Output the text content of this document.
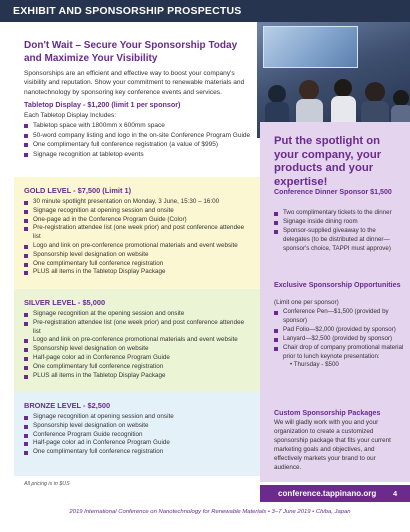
EXHIBIT AND SPONSORSHIP PROSPECTUS
Don't Wait – Secure Your Sponsorship Today and Maximize Your Visibility
Sponsorships are an efficient and effective way to boost your company's visibility and reputation. Show your commitment to renewable materials and nanotechnology by sponsoring key conference events and services.
Tabletop Display - $1,200 (limit 1 per sponsor)
Each Tabletop Display Includes:
Tabletop space with 1800mm x 600mm space
50-word company listing and logo in the on-site Conference Program Guide
One complimentary full conference registration (a value of $995)
Signage recognition at tabletop events
GOLD LEVEL - $7,500 (Limit 1)
30 minute spotlight presentation on Monday, 3 June, 15:30 – 16:00
Signage recognition at opening session and onsite
One-page ad in the Conference Program Guide (Color)
Pre-registration attendee list (one week prior) and post conference attendee list
Logo and link on pre-conference promotional materials and event website
Sponsorship level designation on website
One complimentary full conference registration
PLUS all items in the Tabletop Display Package
SILVER LEVEL - $5,000
Signage recognition at the opening session and onsite
Pre-registration attendee list (one week prior) and post conference attendee list
Logo and link on pre-conference promotional materials and event website
Sponsorship level designation on website
Half-page color ad in Conference Program Guide
One complimentary full conference registration
PLUS all items in the Tabletop Display Package
BRONZE LEVEL - $2,500
Signage recognition at opening session and onsite
Sponsorship level designation on website
Conference Program Guide recognition
Half-page color ad in Conference Program Guide
One complimentary full conference registration
All pricing is in $US
Put the spotlight on your company, your products and your expertise!
Conference Dinner Sponsor $1,500
Two complimentary tickets to the dinner
Signage inside dining room
Sponsor-supplied giveaway to the delegates (to be distributed at dinner—sponsor's choice, TAPPI must approve)
Exclusive Sponsorship Opportunities
(Limit one per sponsor)
Conference Pen—$1,500 (provided by sponsor)
Pad Folio—$2,000 (provided by sponsor)
Lanyard—$2,500 (provided by sponsor)
Chair drop of company promotional material prior to lunch keynote presentation:
• Thursday - $500
Custom Sponsorship Packages
We will gladly work with you and your organization to create a customized sponsorship package that fits your current marketing goals and objectives, and effectively markets your brand to our audience.
conference.tappinano.org 4
2019 International Conference on Nanotechnology for Renewable Materials • 3–7 June 2019 • Chiba, Japan
